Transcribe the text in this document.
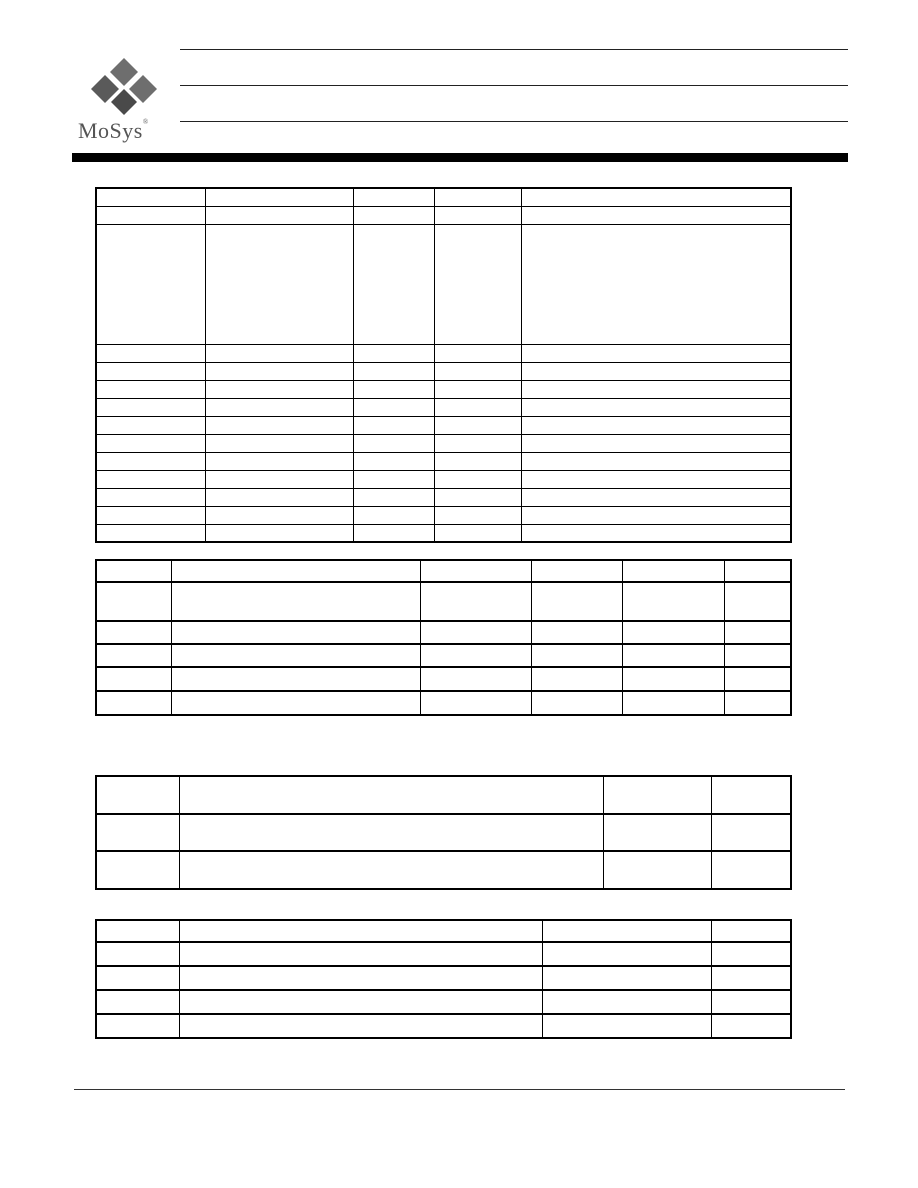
MoSys®
